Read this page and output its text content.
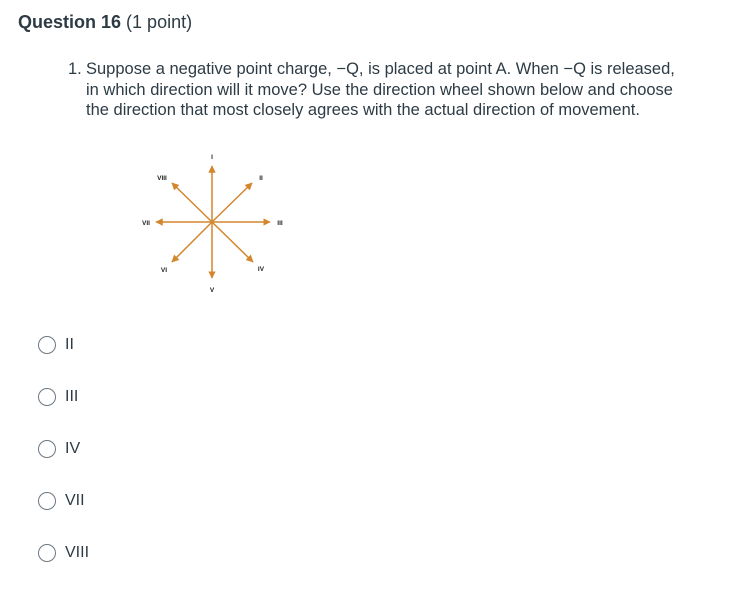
Question 16 (1 point)
1. Suppose a negative point charge, −Q, is placed at point A. When −Q is released, in which direction will it move? Use the direction wheel shown below and choose the direction that most closely agrees with the actual direction of movement.
I
II
III
IV
V
VI
VII
VIII
II
III
IV
VII
VIII
